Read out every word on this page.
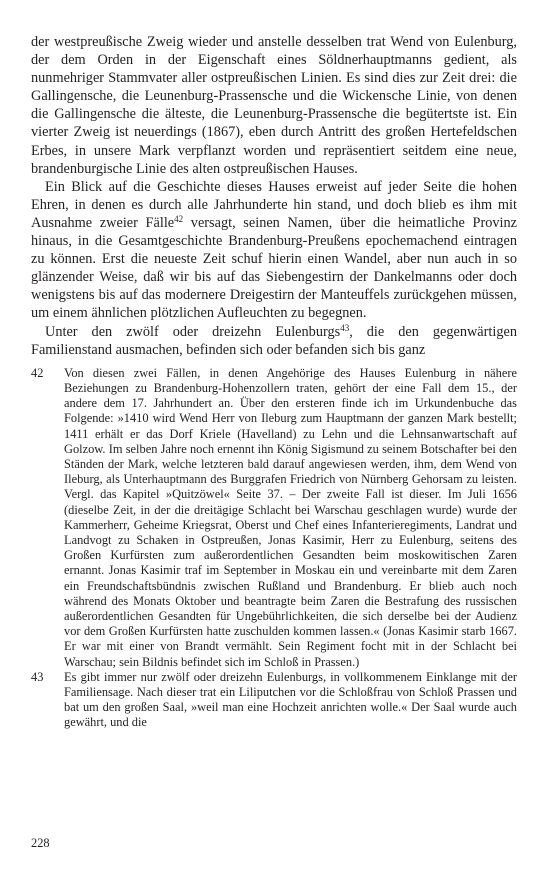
der westpreußische Zweig wieder und anstelle desselben trat Wend von Eulenburg, der dem Orden in der Eigenschaft eines Söldnerhauptmanns gedient, als nunmehriger Stammvater aller ostpreußischen Linien. Es sind dies zur Zeit drei: die Gallingensche, die Leunenburg-Prassensche und die Wickensche Linie, von denen die Gallingensche die älteste, die Leunenburg-Prassensche die begütertste ist. Ein vierter Zweig ist neuerdings (1867), eben durch Antritt des großen Hertefeldschen Erbes, in unsere Mark verpflanzt worden und repräsentiert seitdem eine neue, brandenburgische Linie des alten ostpreußischen Hauses.

Ein Blick auf die Geschichte dieses Hauses erweist auf jeder Seite die hohen Ehren, in denen es durch alle Jahrhunderte hin stand, und doch blieb es ihm mit Ausnahme zweier Fälle$^{42}$ versagt, seinen Namen, über die heimatliche Provinz hinaus, in die Gesamtgeschichte Brandenburg-Preußens epochemachend eintragen zu können. Erst die neueste Zeit schuf hierin einen Wandel, aber nun auch in so glänzender Weise, daß wir bis auf das Siebengestirn der Dankelmanns oder doch wenigstens bis auf das modernere Dreigestirn der Manteuffels zurückgehen müssen, um einem ähnlichen plötzlichen Aufleuchten zu begegnen.

Unter den zwölf oder dreizehn Eulenburgs$^{43}$, die den gegenwärtigen Familienstand ausmachen, befinden sich oder befanden sich bis ganz

42	Von diesen zwei Fällen, in denen Angehörige des Hauses Eulenburg in nähere Beziehungen zu Brandenburg-Hohenzollern traten, gehört der eine Fall dem 15., der andere dem 17. Jahrhundert an. Über den ersteren finde ich im Urkundenbuche das Folgende: »1410 wird Wend Herr von Ileburg zum Hauptmann der ganzen Mark bestellt; 1411 erhält er das Dorf Kriele (Havelland) zu Lehn und die Lehnsanwartschaft auf Golzow. Im selben Jahre noch ernennt ihn König Sigismund zu seinem Botschafter bei den Ständen der Mark, welche letzteren bald darauf angewiesen werden, ihm, dem Wend von Ileburg, als Unterhauptmann des Burggrafen Friedrich von Nürnberg Gehorsam zu leisten. Vergl. das Kapitel »Quitzöwel« Seite 37. – Der zweite Fall ist dieser. Im Juli 1656 (dieselbe Zeit, in der die dreitägige Schlacht bei Warschau geschlagen wurde) wurde der Kammerherr, Geheime Kriegsrat, Oberst und Chef eines Infanterieregiments, Landrat und Landvogt zu Schaken in Ostpreußen, Jonas Kasimir, Herr zu Eulenburg, seitens des Großen Kurfürsten zum außerordentlichen Gesandten beim moskowitischen Zaren ernannt. Jonas Kasimir traf im September in Moskau ein und vereinbarte mit dem Zaren ein Freundschaftsbündnis zwischen Rußland und Brandenburg. Er blieb auch noch während des Monats Oktober und beantragte beim Zaren die Bestrafung des russischen außerordentlichen Gesandten für Ungebührlichkeiten, die sich derselbe bei der Audienz vor dem Großen Kurfürsten hatte zuschulden kommen lassen.« (Jonas Kasimir starb 1667. Er war mit einer von Brandt vermählt. Sein Regiment focht mit in der Schlacht bei Warschau; sein Bildnis befindet sich im Schloß in Prassen.)

43	Es gibt immer nur zwölf oder dreizehn Eulenburgs, in vollkommenem Einklange mit der Familiensage. Nach dieser trat ein Liliputchen vor die Schloßfrau von Schloß Prassen und bat um den großen Saal, »weil man eine Hochzeit anrichten wolle.« Der Saal wurde auch gewährt, und die

228
